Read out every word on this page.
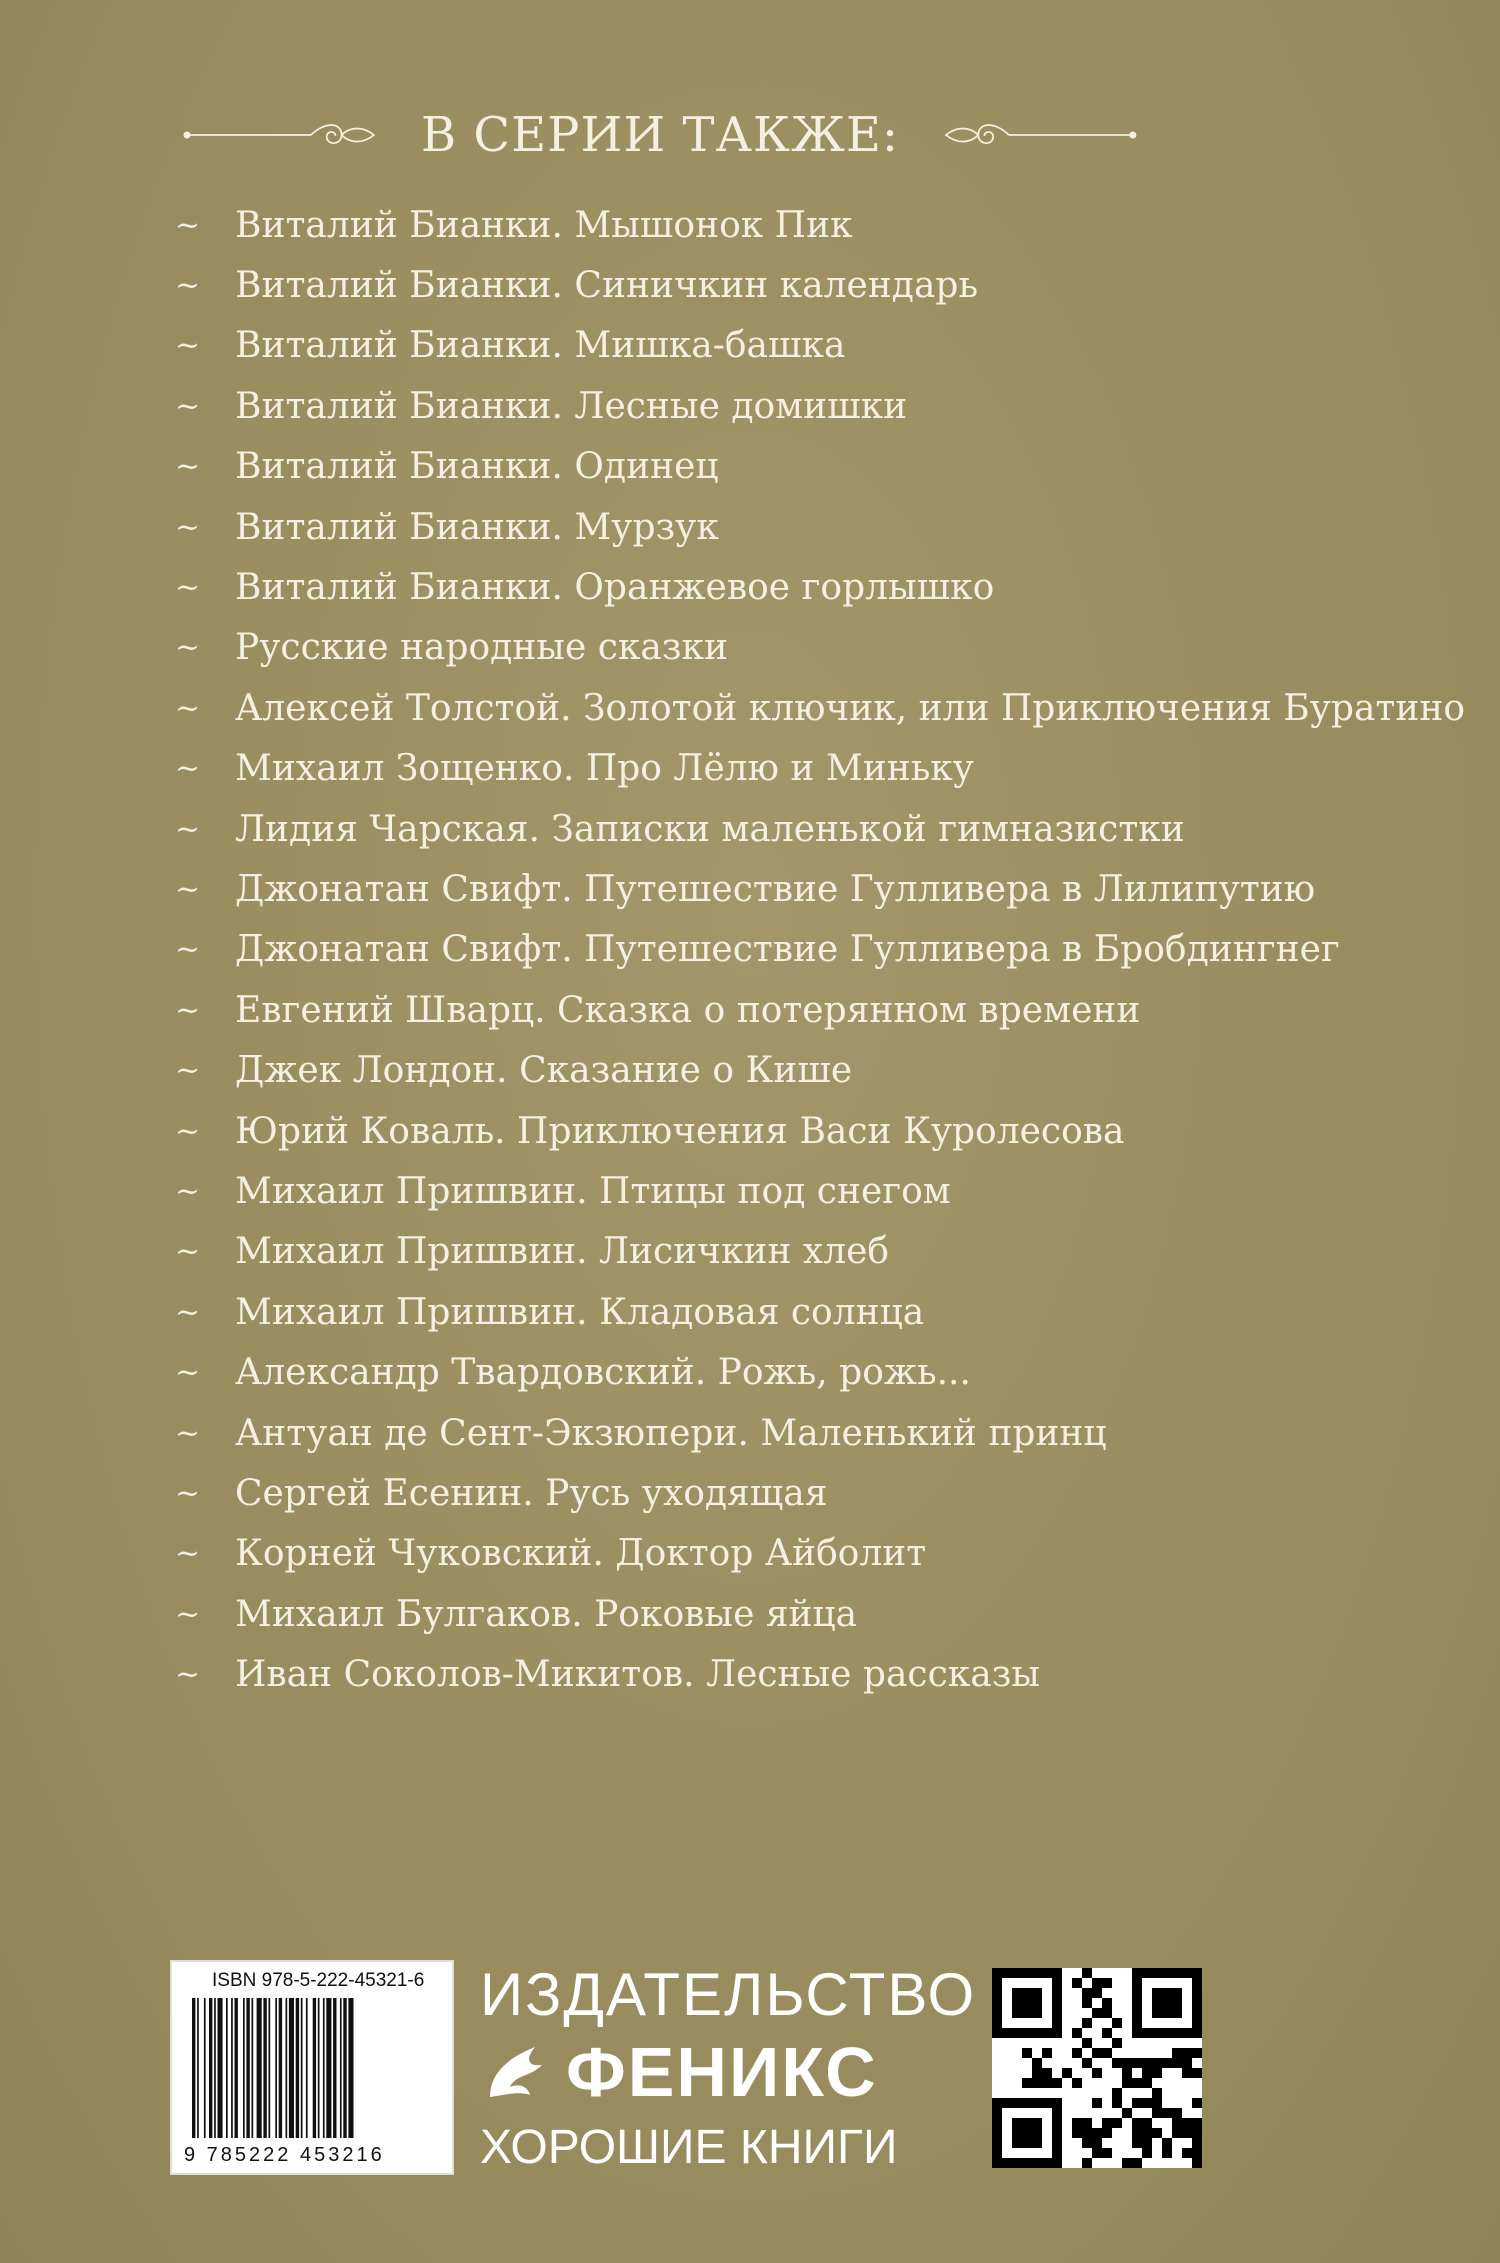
В СЕРИИ ТАКЖЕ:
~ Виталий Бианки. Мышонок Пик
~ Виталий Бианки. Синичкин календарь
~ Виталий Бианки. Мишка-башка
~ Виталий Бианки. Лесные домишки
~ Виталий Бианки. Одинец
~ Виталий Бианки. Мурзук
~ Виталий Бианки. Оранжевое горлышко
~ Русские народные сказки
~ Алексей Толстой. Золотой ключик, или Приключения Буратино
~ Михаил Зощенко. Про Лёлю и Миньку
~ Лидия Чарская. Записки маленькой гимназистки
~ Джонатан Свифт. Путешествие Гулливера в Лилипутию
~ Джонатан Свифт. Путешествие Гулливера в Бробдингнег
~ Евгений Шварц. Сказка о потерянном времени
~ Джек Лондон. Сказание о Кише
~ Юрий Коваль. Приключения Васи Куролесова
~ Михаил Пришвин. Птицы под снегом
~ Михаил Пришвин. Лисичкин хлеб
~ Михаил Пришвин. Кладовая солнца
~ Александр Твардовский. Рожь, рожь...
~ Антуан де Сент-Экзюпери. Маленький принц
~ Сергей Есенин. Русь уходящая
~ Корней Чуковский. Доктор Айболит
~ Михаил Булгаков. Роковые яйца
~ Иван Соколов-Микитов. Лесные рассказы
ISBN 978-5-222-45321-6
9 785222 453216
ИЗДАТЕЛЬСТВО
ФЕНИКС
ХОРОШИЕ КНИГИ
